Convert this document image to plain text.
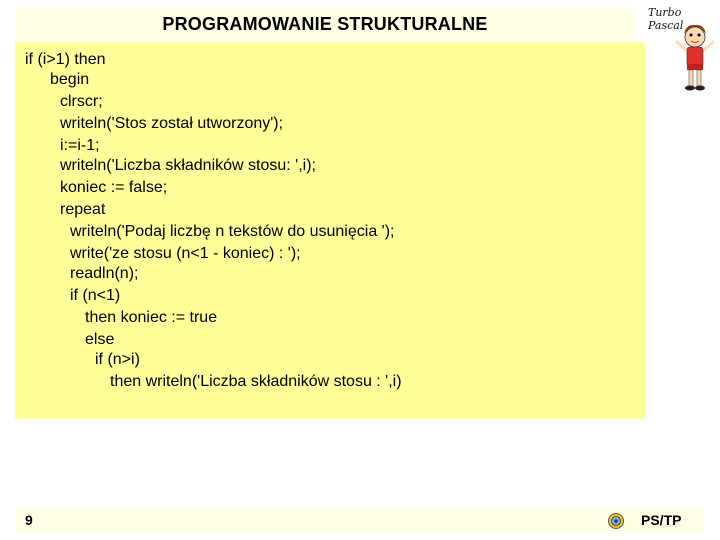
PROGRAMOWANIE STRUKTURALNE
Turbo Pascal
if (i>1) then
begin
clrscr;
writeln('Stos został utworzony');
i:=i-1;
writeln('Liczba składników stosu: ',i);
koniec := false;
repeat
writeln('Podaj liczbę n tekstów do usunięcia ');
write('ze stosu (n<1 - koniec) : ');
readln(n);
if (n<1)
then koniec := true
else
if (n>i)
then writeln('Liczba składników stosu : ',i)
9	PS/TP
